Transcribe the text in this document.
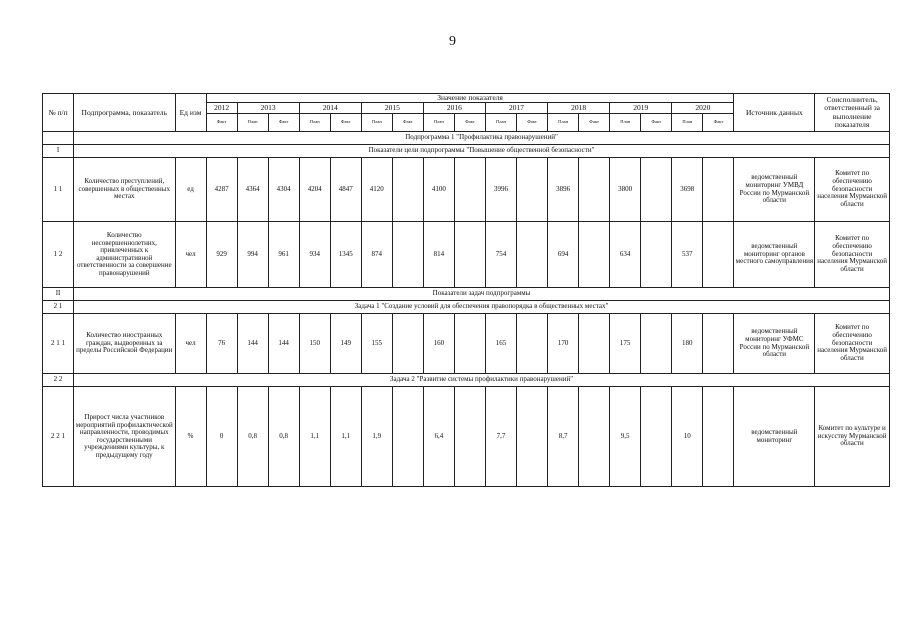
9
№ п/п	Подпрограмма, показатель	Ед изм	Значение показателя																	Источник данных	Соисполнитель, ответственный за выполнение показателя
			2012	2013		2014		2015		2016		2017		2018		2019		2020			
			Факт	План	Факт	План	Факт	План	Факт	План	Факт	План	Факт	План	Факт	План	Факт	План	Факт		
	Подпрограмма 1 "Профилактика правонарушений"																				
I	Показатели цели подпрограммы "Повышение общественной безопасности"																				
1 1	Количество преступлений, совершенных в общественных местах	ед	4287	4364	4304	4204	4847	4120		4100		3996		3896		3800		3698		ведомственный мониторинг УМВД России по Мурманской области	Комитет по обеспечению безопасности населения Мурманской области
1 2	Количество несовершеннолетних, привлеченных к административной ответственности за совершение правонарушений	чел	929	994	961	934	1345	874		814		754		694		634		537		ведомственный мониторинг органов местного самоуправления	Комитет по обеспечению безопасности населения Мурманской области
II	Показатели задач подпрограммы																				
2 1	Задача 1 "Создание условий для обеспечения правопорядка в общественных местах"																				
2 1 1	Количество иностранных граждан, выдворенных за пределы Российской Федерации	чел	76	144	144	150	149	155		160		165		170		175		180		ведомственный мониторинг УФМС России по Мурманской области	Комитет по обеспечению безопасности населения Мурманской области
2 2	Задача 2 "Развитие системы профилактики правонарушений"																				
2 2 1	Прирост числа участников мероприятий профилактической направленности, проводимых государственными учреждениями культуры, к предыдущему году	%	0	0,8	0,8	1,1	1,1	1,9		6,4		7,7		8,7		9,5		10		ведомственный мониторинг	Комитет по культуре и искусству Мурманской области
